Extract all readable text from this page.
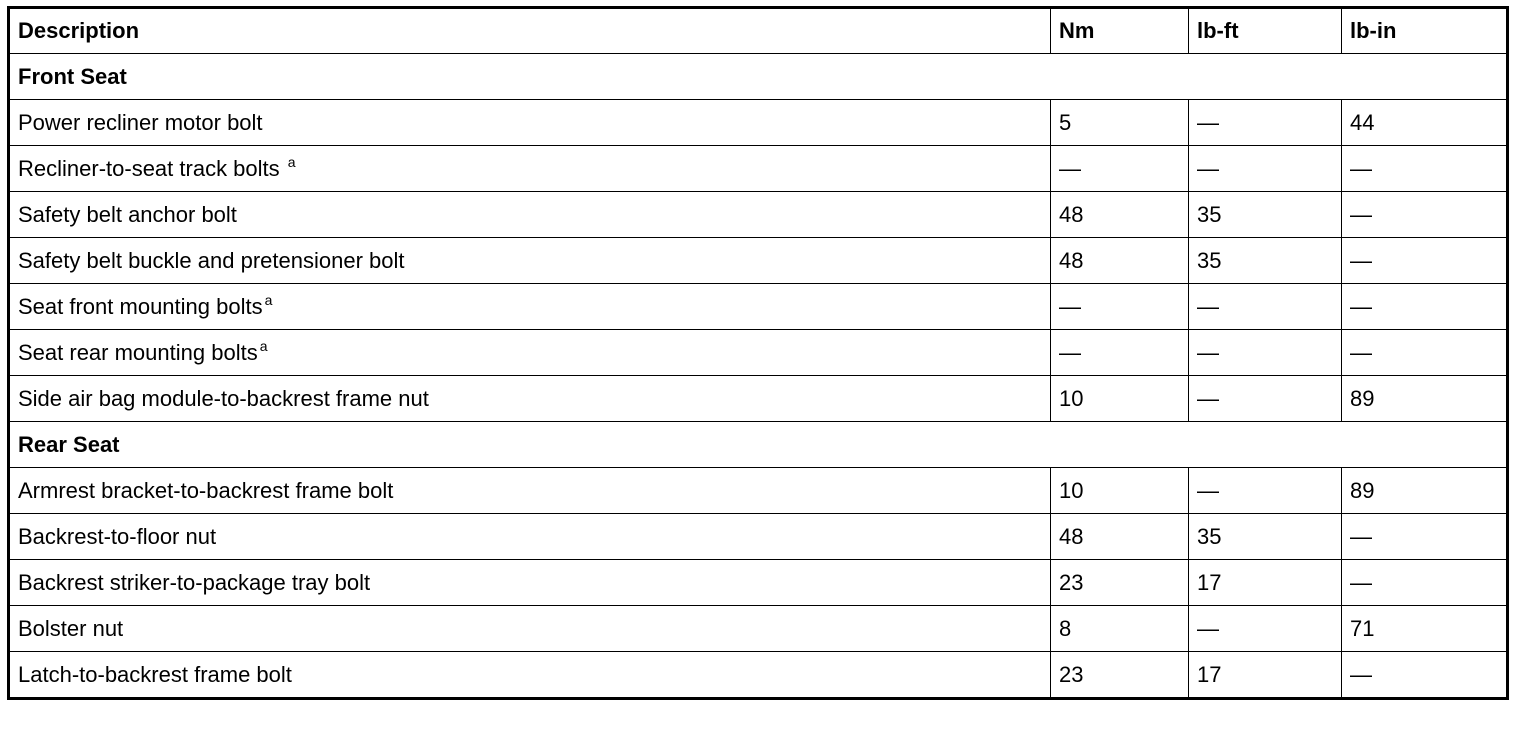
Description	Nm	lb-ft	lb-in
Front Seat			
Power recliner motor bolt	5	—	44
Recliner-to-seat track bolts $^a$	—	—	—
Safety belt anchor bolt	48	35	—
Safety belt buckle and pretensioner bolt	48	35	—
Seat front mounting bolts $^a$	—	—	—
Seat rear mounting bolts $^a$	—	—	—
Side air bag module-to-backrest frame nut	10	—	89
Rear Seat			
Armrest bracket-to-backrest frame bolt	10	—	89
Backrest-to-floor nut	48	35	—
Backrest striker-to-package tray bolt	23	17	—
Bolster nut	8	—	71
Latch-to-backrest frame bolt	23	17	—
